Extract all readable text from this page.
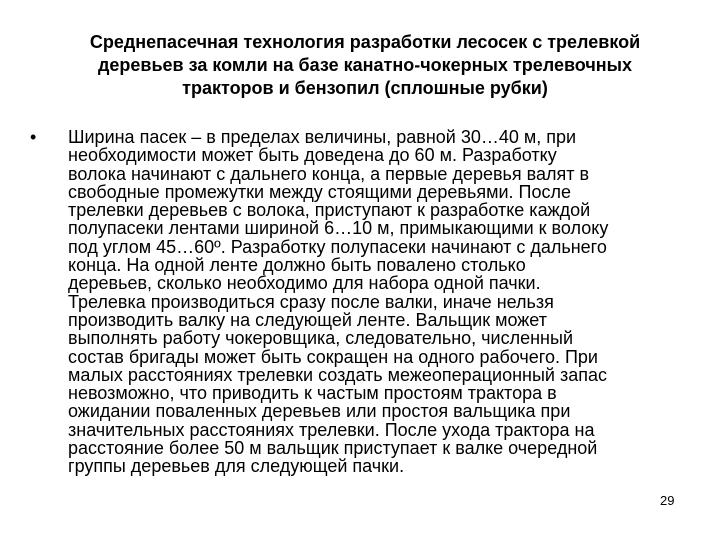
Среднепасечная технология разработки лесосек с трелевкой
деревьев за комли на базе канатно-чокерных трелевочных
тракторов и бензопил (сплошные рубки)
• Ширина пасек – в пределах величины, равной 30…40 м, при
необходимости может быть доведена до 60 м. Разработку
волока начинают с дальнего конца, а первые деревья валят в
свободные промежутки между стоящими деревьями. После
трелевки деревьев с волока, приступают к разработке каждой
полупасеки лентами шириной 6…10 м, примыкающими к волоку
под углом 45…60º. Разработку полупасеки начинают с дальнего
конца. На одной ленте должно быть повалено столько
деревьев, сколько необходимо для набора одной пачки.
Трелевка производиться сразу после валки, иначе нельзя
производить валку на следующей ленте. Вальщик может
выполнять работу чокеровщика, следовательно, численный
состав бригады может быть сокращен на одного рабочего. При
малых расстояниях трелевки создать межеоперационный запас
невозможно, что приводить к частым простоям трактора в
ожидании поваленных деревьев или простоя вальщика при
значительных расстояниях трелевки. После ухода трактора на
расстояние более 50 м вальщик приступает к валке очередной
группы деревьев для следующей пачки.

29
